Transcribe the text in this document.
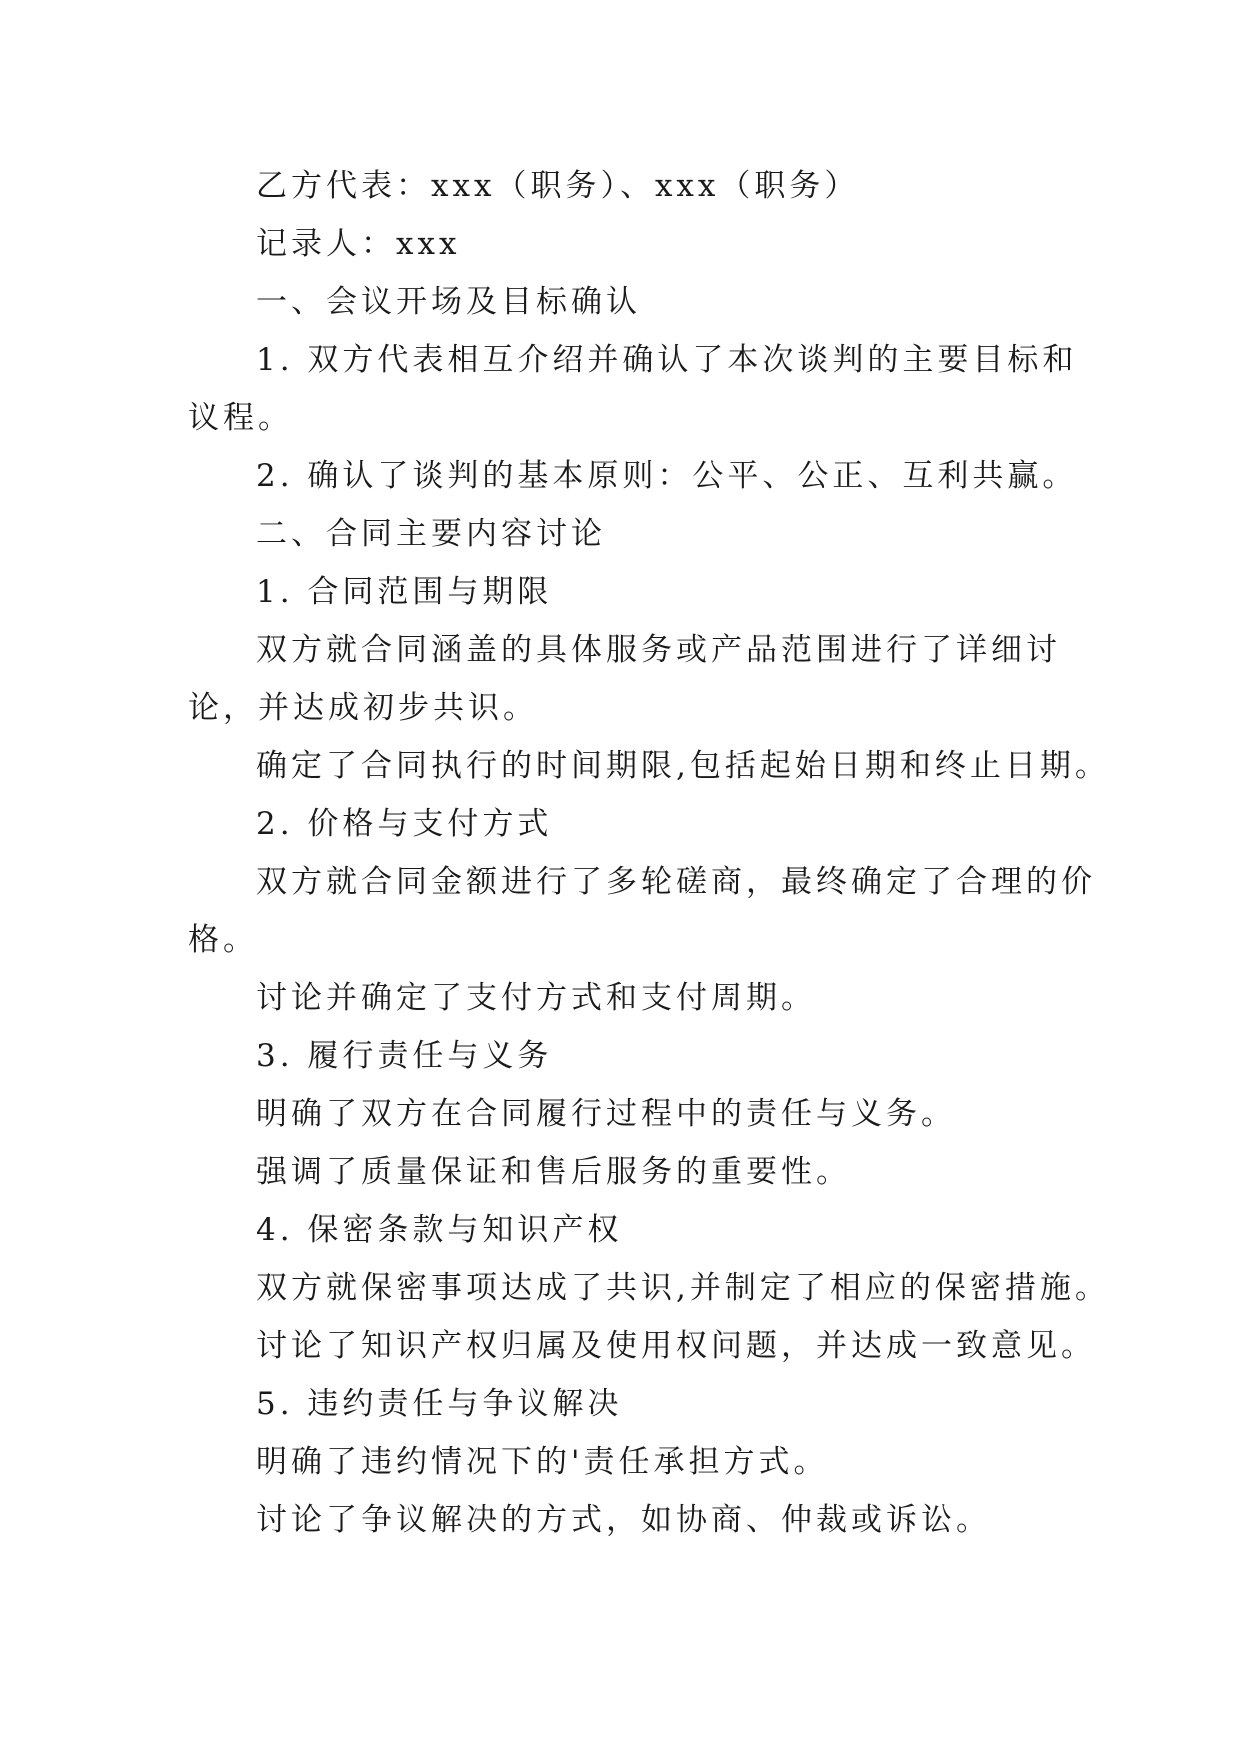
乙方代表：xxx（职务）、xxx（职务）
记录人：xxx
一、会议开场及目标确认
1. 双方代表相互介绍并确认了本次谈判的主要目标和
议程。
2. 确认了谈判的基本原则：公平、公正、互利共赢。
二、合同主要内容讨论
1. 合同范围与期限
双方就合同涵盖的具体服务或产品范围进行了详细讨
论，并达成初步共识。
确定了合同执行的时间期限,包括起始日期和终止日期。
2. 价格与支付方式
双方就合同金额进行了多轮磋商，最终确定了合理的价
格。
讨论并确定了支付方式和支付周期。
3. 履行责任与义务
明确了双方在合同履行过程中的责任与义务。
强调了质量保证和售后服务的重要性。
4. 保密条款与知识产权
双方就保密事项达成了共识,并制定了相应的保密措施。
讨论了知识产权归属及使用权问题，并达成一致意见。
5. 违约责任与争议解决
明确了违约情况下的'责任承担方式。
讨论了争议解决的方式，如协商、仲裁或诉讼。
